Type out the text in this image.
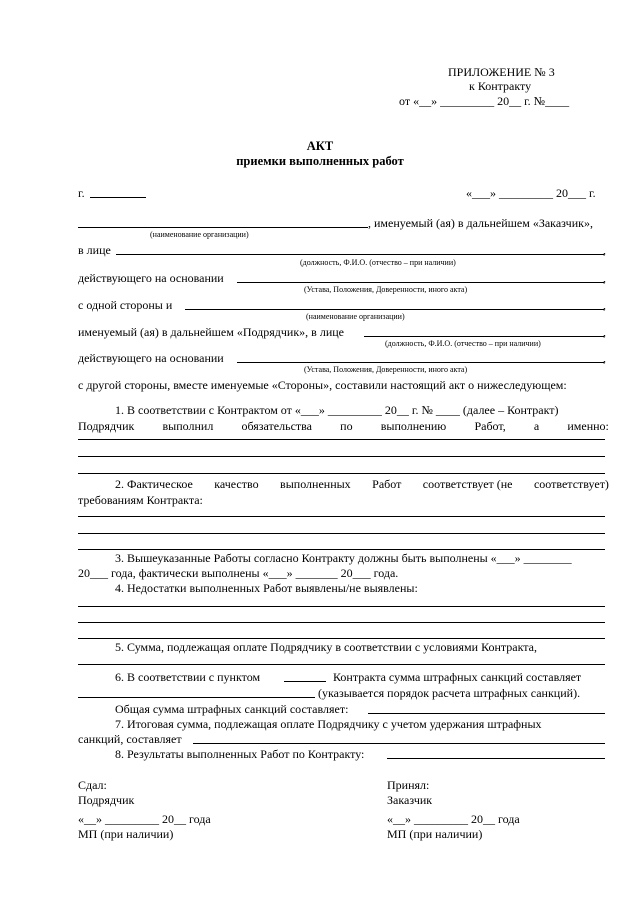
ПРИЛОЖЕНИЕ № 3
к Контракту
от «__» _________ 20__ г. №____
АКТ
приемки выполненных работ
г.	«___» _________ 20___ г.
, именуемый (ая) в дальнейшем «Заказчик»,
(наименование организации)
в лице	,
(должность, Ф.И.О. (отчество – при наличии)
действующего на основании	,
(Устава, Положения, Доверенности, иного акта)
с одной стороны и	,
(наименование организации)
именуемый (ая) в дальнейшем «Подрядчик», в лице	,
(должность, Ф.И.О. (отчество – при наличии)
действующего на основании	,
(Устава, Положения, Доверенности, иного акта)
с другой стороны, вместе именуемые «Стороны», составили настоящий акт о нижеследующем:
1. В соответствии с Контрактом от «___» _________ 20__ г. № ____ (далее – Контракт)
Подрядчик выполнил обязательства по выполнению Работ, а именно:
2. Фактическое качество выполненных Работ соответствует (не соответствует)
требованиям Контракта:
3. Вышеуказанные Работы согласно Контракту должны быть выполнены «___» ________
20___ года, фактически выполнены «___» _______ 20___ года.
4. Недостатки выполненных Работ выявлены/не выявлены:
5. Сумма, подлежащая оплате Подрядчику в соответствии с условиями Контракта,
6. В соответствии с пунктом	Контракта сумма штрафных санкций составляет
(указывается порядок расчета штрафных санкций).
Общая сумма штрафных санкций составляет:
7. Итоговая сумма, подлежащая оплате Подрядчику с учетом удержания штрафных
санкций, составляет
8. Результаты выполненных Работ по Контракту:
Сдал:
Подрядчик
«__» _________ 20__ года
МП (при наличии)
Принял:
Заказчик
«__» _________ 20__ года
МП (при наличии)
